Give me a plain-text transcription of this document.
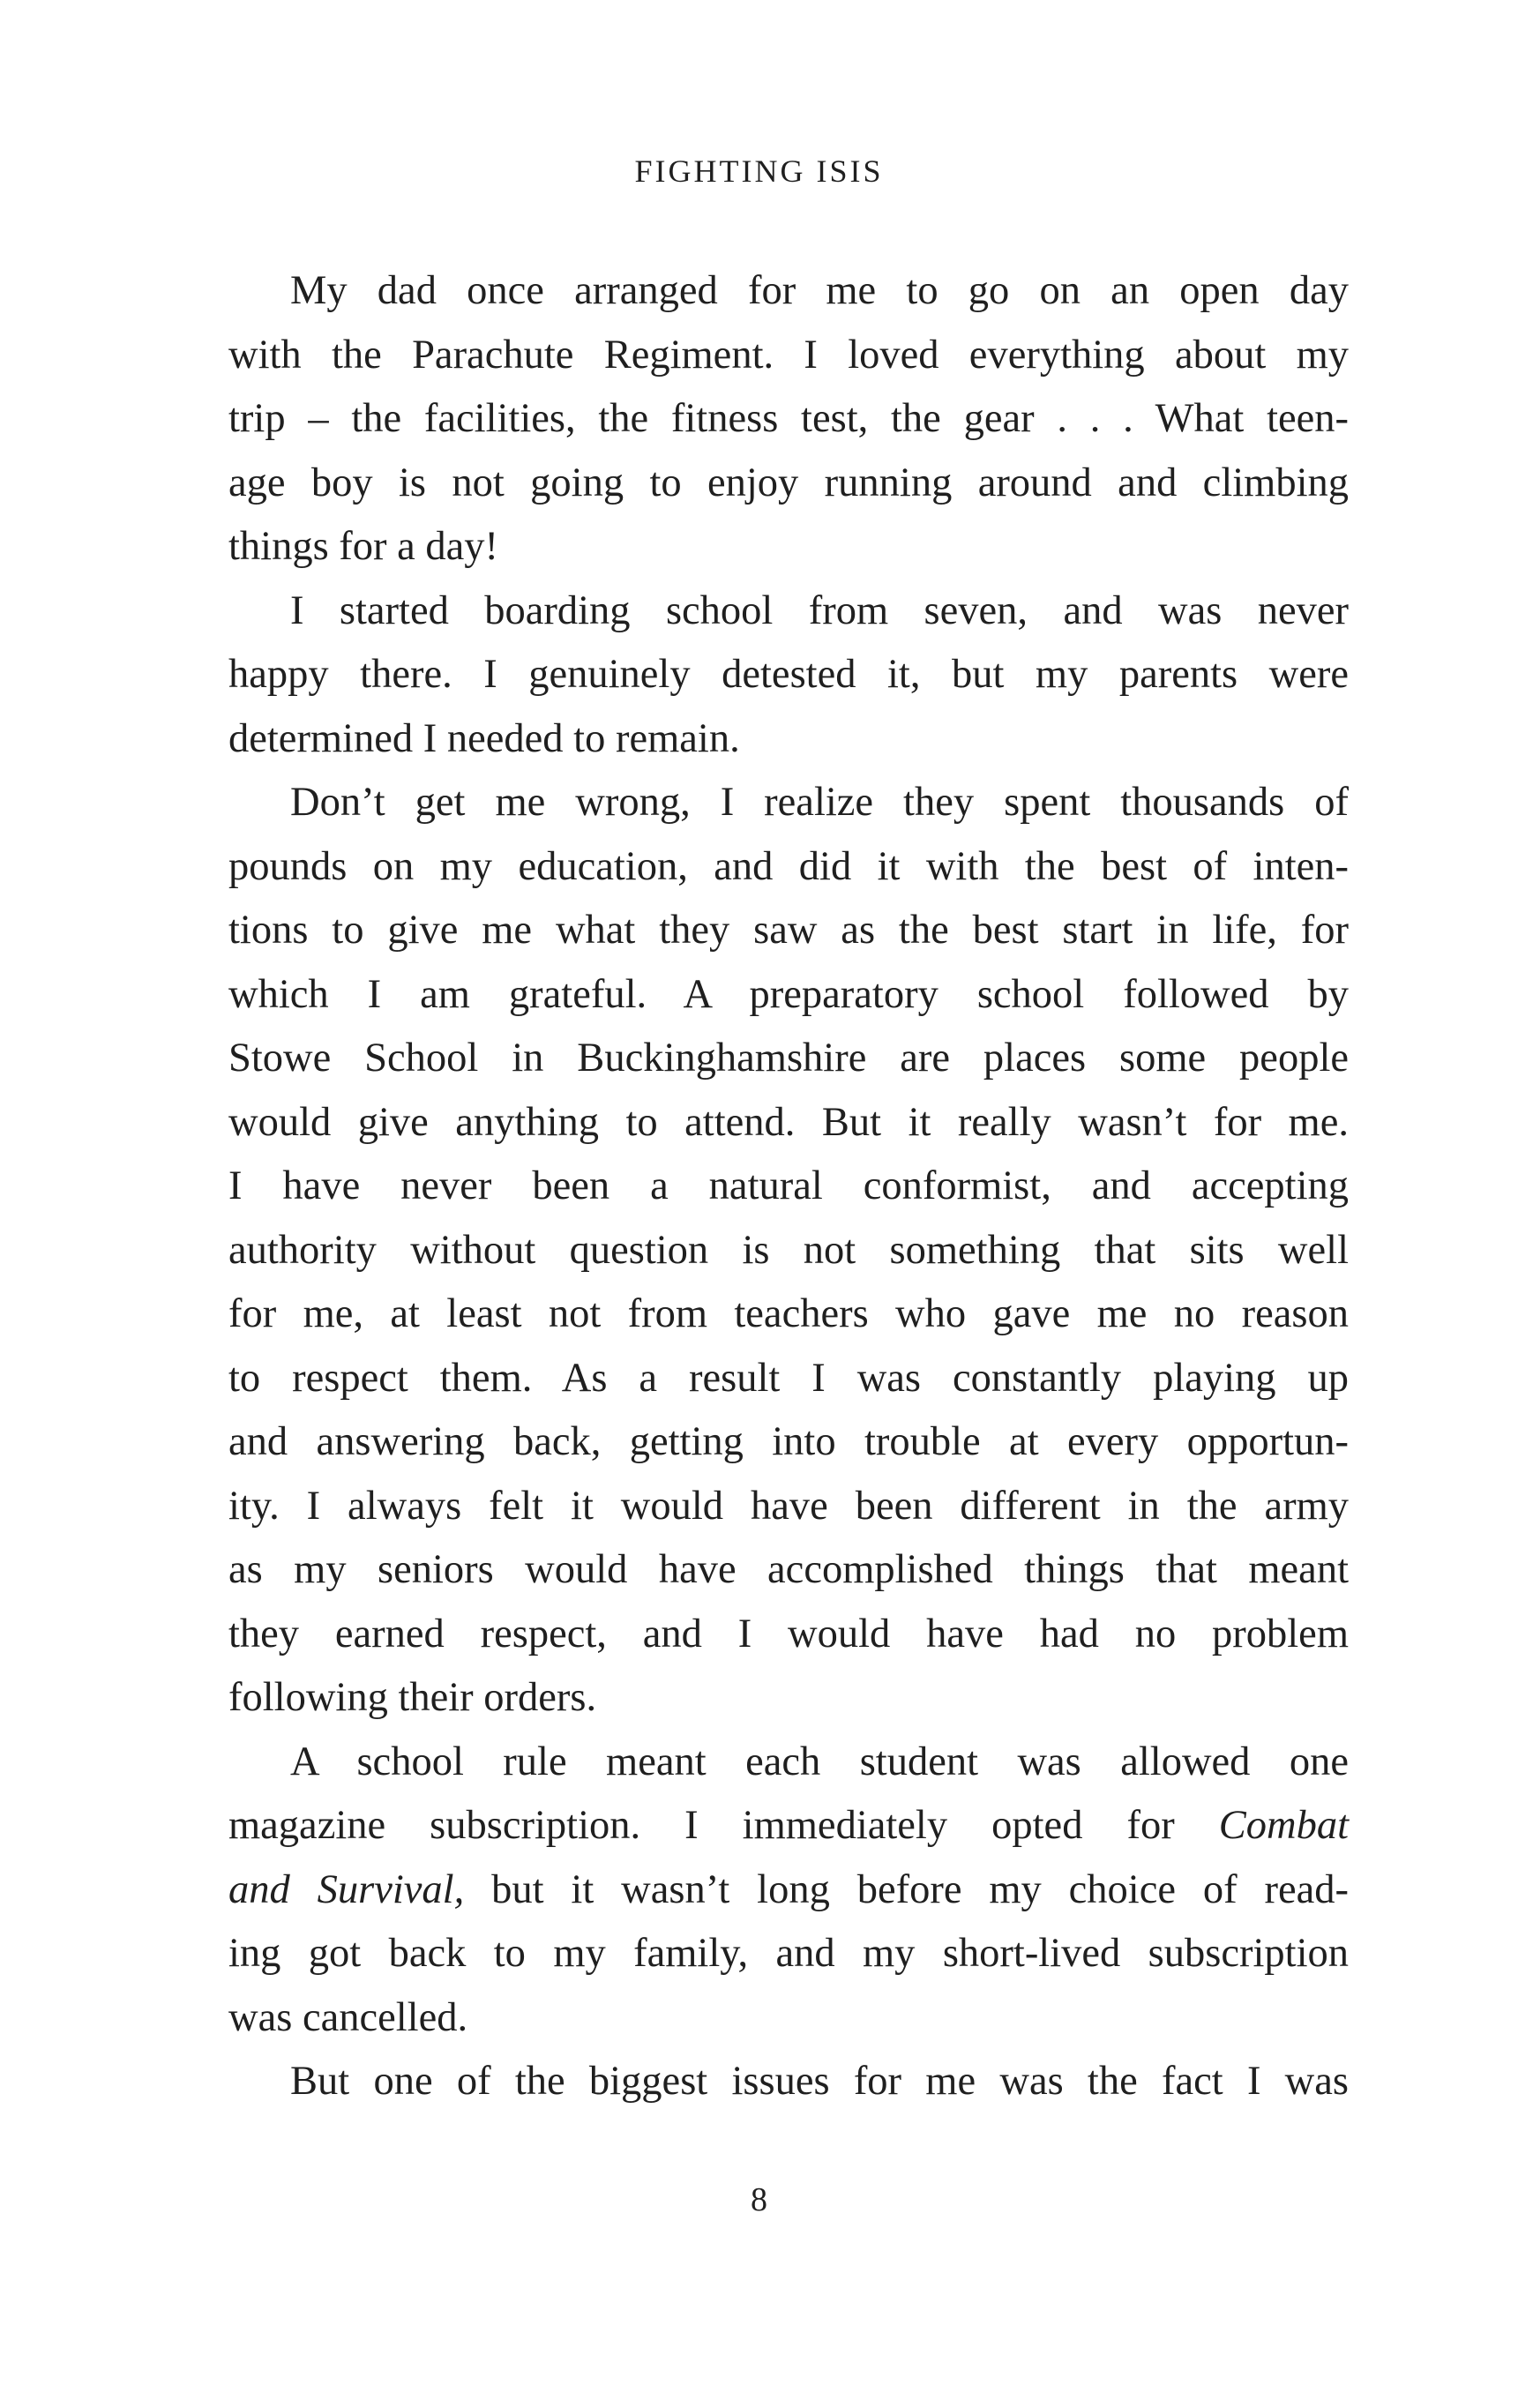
FIGHTING ISIS
My dad once arranged for me to go on an open day
with the Parachute Regiment. I loved everything about my
trip – the facilities, the fitness test, the gear . . . What teen-
age boy is not going to enjoy running around and climbing
things for a day!
I started boarding school from seven, and was never
happy there. I genuinely detested it, but my parents were
determined I needed to remain.
Don’t get me wrong, I realize they spent thousands of
pounds on my education, and did it with the best of inten-
tions to give me what they saw as the best start in life, for
which I am grateful. A preparatory school followed by
Stowe School in Buckinghamshire are places some people
would give anything to attend. But it really wasn’t for me.
I have never been a natural conformist, and accepting
authority without question is not something that sits well
for me, at least not from teachers who gave me no reason
to respect them. As a result I was constantly playing up
and answering back, getting into trouble at every opportun-
ity. I always felt it would have been different in the army
as my seniors would have accomplished things that meant
they earned respect, and I would have had no problem
following their orders.
A school rule meant each student was allowed one
magazine subscription. I immediately opted for Combat
and Survival, but it wasn’t long before my choice of read-
ing got back to my family, and my short-lived subscription
was cancelled.
But one of the biggest issues for me was the fact I was
8
